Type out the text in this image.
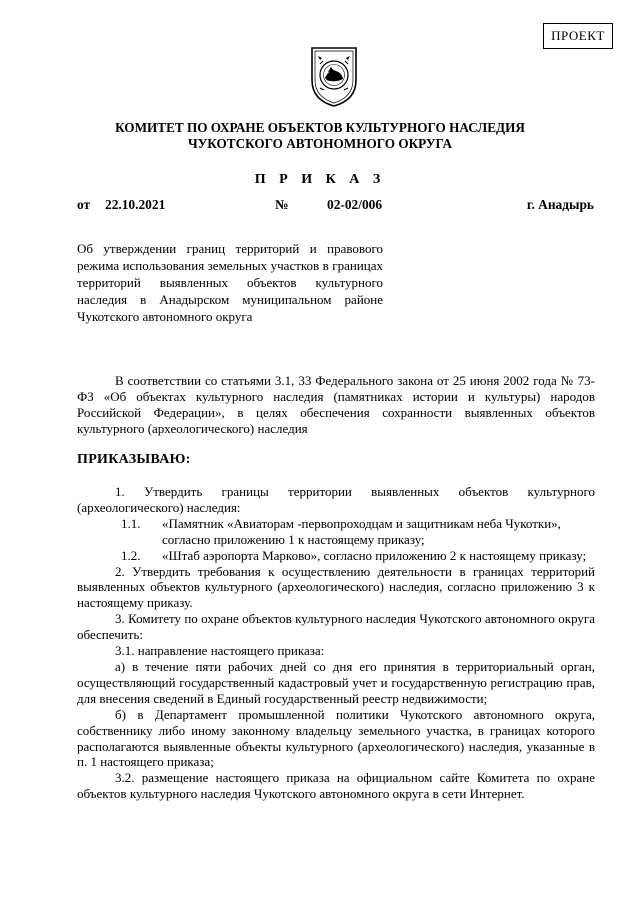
ПРОЕКТ
КОМИТЕТ ПО ОХРАНЕ ОБЪЕКТОВ КУЛЬТУРНОГО НАСЛЕДИЯ
ЧУКОТСКОГО АВТОНОМНОГО ОКРУГА
П Р И К А З
от 22.10.2021	№	02-02/006	г. Анадырь
Об утверждении границ территорий и правового режима использования земельных участков в границах территорий выявленных объектов культурного наследия в Анадырском муниципальном районе Чукотского автономного округа

В соответствии со статьями 3.1, 33 Федерального закона от 25 июня 2002 года № 73-ФЗ «Об объектах культурного наследия (памятниках истории и культуры) народов Российской Федерации», в целях обеспечения сохранности выявленных объектов культурного (археологического) наследия

ПРИКАЗЫВАЮ:

1. Утвердить границы территории выявленных объектов культурного (археологического) наследия:

1.1.	«Памятник «Авиаторам -первопроходцам и защитникам неба Чукотки», согласно приложению 1 к настоящему приказу;
1.2.	«Штаб аэропорта Марково», согласно приложению 2 к настоящему приказу;

2. Утвердить требования к осуществлению деятельности в границах территорий выявленных объектов культурного (археологического) наследия, согласно приложению 3 к настоящему приказу.

3. Комитету по охране объектов культурного наследия Чукотского автономного округа обеспечить:

3.1. направление настоящего приказа:

а) в течение пяти рабочих дней со дня его принятия в территориальный орган, осуществляющий государственный кадастровый учет и государственную регистрацию прав, для внесения сведений в Единый государственный реестр недвижимости;

б) в Департамент промышленной политики Чукотского автономного округа, собственнику либо иному законному владельцу земельного участка, в границах которого располагаются выявленные объекты культурного (археологического) наследия, указанные в п. 1 настоящего приказа;

3.2. размещение настоящего приказа на официальном сайте Комитета по охране объектов культурного наследия Чукотского автономного округа в сети Интернет.
